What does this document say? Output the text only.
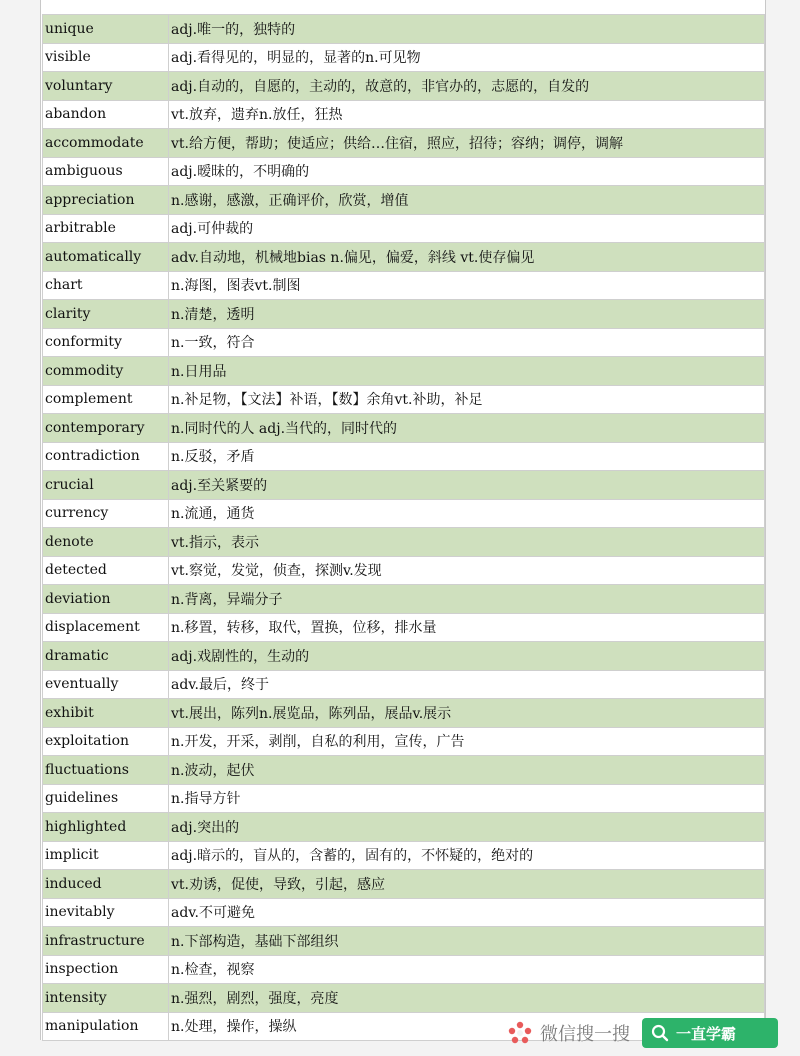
unique	adj.唯一的，独特的
visible	adj.看得见的，明显的，显著的n.可见物
voluntary	adj.自动的，自愿的，主动的，故意的，非官办的，志愿的，自发的
abandon	vt.放弃，遗弃n.放任，狂热
accommodate	vt.给方便，帮助；使适应；供给…住宿，照应，招待；容纳；调停，调解
ambiguous	adj.暧昧的，不明确的
appreciation	n.感谢，感激，正确评价，欣赏，增值
arbitrable	adj.可仲裁的
automatically	adv.自动地，机械地bias n.偏见，偏爱，斜线 vt.使存偏见
chart	n.海图，图表vt.制图
clarity	n.清楚，透明
conformity	n.一致，符合
commodity	n.日用品
complement	n.补足物，【文法】补语，【数】余角vt.补助，补足
contemporary	n.同时代的人 adj.当代的，同时代的
contradiction	n.反驳，矛盾
crucial	adj.至关紧要的
currency	n.流通，通货
denote	vt.指示，表示
detected	vt.察觉，发觉，侦查，探测v.发现
deviation	n.背离，异端分子
displacement	n.移置，转移，取代，置换，位移，排水量
dramatic	adj.戏剧性的，生动的
eventually	adv.最后，终于
exhibit	vt.展出，陈列n.展览品，陈列品，展品v.展示
exploitation	n.开发，开采，剥削，自私的利用，宣传，广告
fluctuations	n.波动，起伏
guidelines	n.指导方针
highlighted	adj.突出的
implicit	adj.暗示的，盲从的，含蓄的，固有的，不怀疑的，绝对的
induced	vt.劝诱，促使，导致，引起，感应
inevitably	adv.不可避免
infrastructure	n.下部构造，基础下部组织
inspection	n.检查，视察
intensity	n.强烈，剧烈，强度，亮度
manipulation	n.处理，操作，操纵	微信搜一搜	一直学霸
